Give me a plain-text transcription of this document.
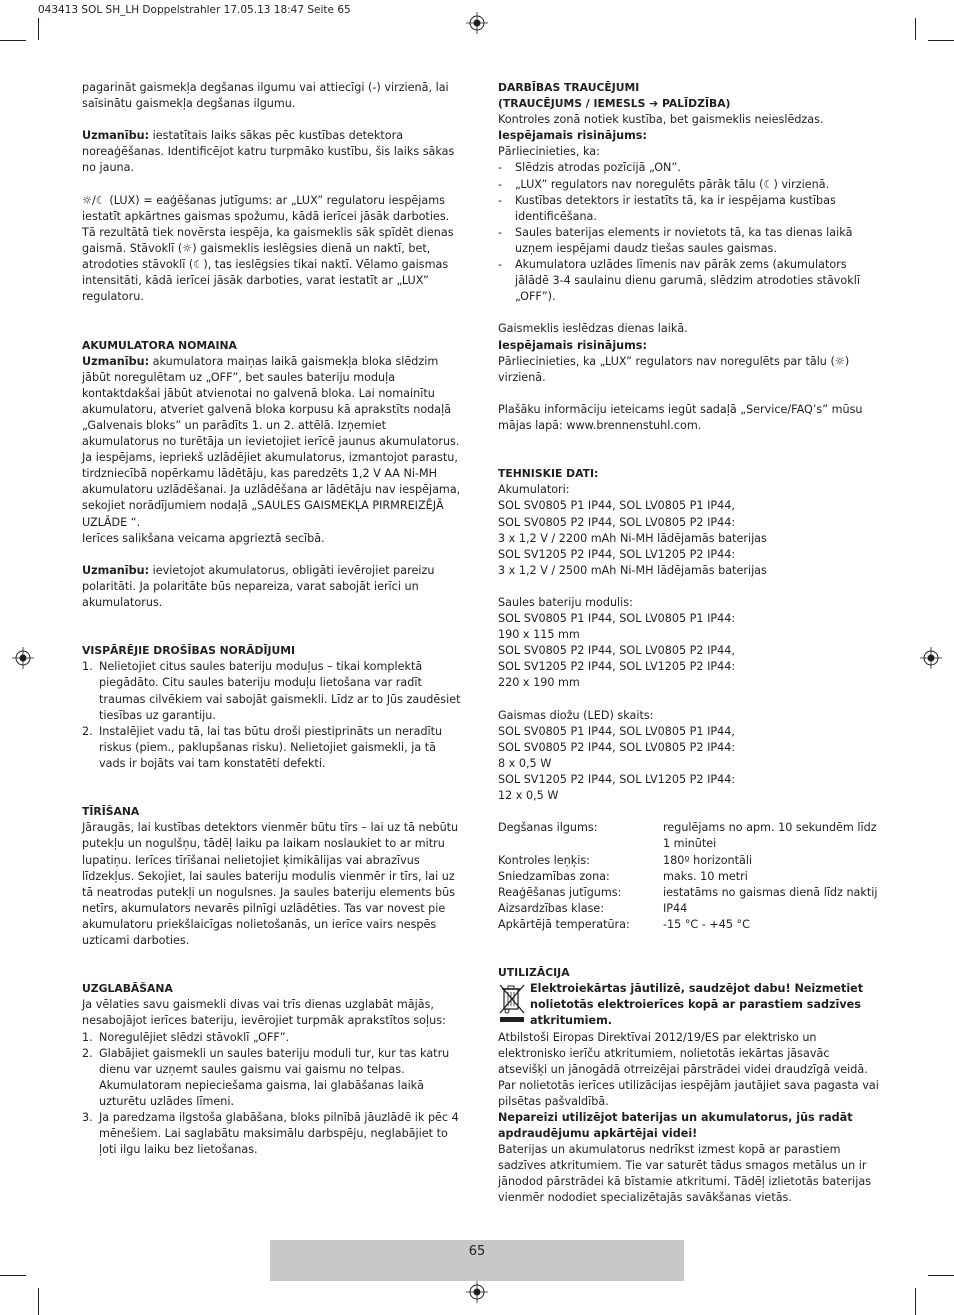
043413 SOL SH_LH Doppelstrahler 17.05.13 18:47 Seite 65

pagarināt gaismekļa degšanas ilgumu vai attiecīgi (-) virzienā, lai saīsinātu gaismekļa degšanas ilgumu.

Uzmanību: iestatītais laiks sākas pēc kustības detektora noreaģēšanas. Identificējot katru turpmāko kustību, šis laiks sākas no jauna.

☼/☾ (LUX) = eaģēšanas jutīgums: ar „LUX” regulatoru iespējams iestatīt apkārtnes gaismas spožumu, kādā ierīcei jāsāk darboties. Tā rezultātā tiek novērsta iespēja, ka gaismeklis sāk spīdēt dienas gaismā. Stāvoklī (☼) gaismeklis ieslēgsies dienā un naktī, bet, atrodoties stāvoklī (☾), tas ieslēgsies tikai naktī. Vēlamo gaismas intensitāti, kādā ierīcei jāsāk darboties, varat iestatīt ar „LUX” regulatoru.

AKUMULATORA NOMAINA

Uzmanību: akumulatora maiņas laikā gaismekļa bloka slēdzim jābūt noregulētam uz „OFF”, bet saules bateriju moduļa kontaktdakšai jābūt atvienotai no galvenā bloka. Lai nomainītu akumulatoru, atveriet galvenā bloka korpusu kā aprakstīts nodaļā „Galvenais bloks” un parādīts 1. un 2. attēlā. Izņemiet akumulatorus no turētāja un ievietojiet ierīcē jaunus akumulatorus. Ja iespējams, iepriekš uzlādējiet akumulatorus, izmantojot parastu, tirdzniecībā nopērkamu lādētāju, kas paredzēts 1,2 V AA Ni-MH akumulatoru uzlādēšanai. Ja uzlādēšana ar lādētāju nav iespējama, sekojiet norādījumiem nodaļā „SAULES GAISMEKĻA PIRMREIZĒJĀ UZLĀDE “.

Ierīces salikšana veicama apgrieztā secībā.

Uzmanību: ievietojot akumulatorus, obligāti ievērojiet pareizu polaritāti. Ja polaritāte būs nepareiza, varat sabojāt ierīci un akumulatorus.

VISPĀRĒJIE DROŠĪBAS NORĀDĪJUMI

1. Nelietojiet citus saules bateriju moduļus – tikai komplektā piegādāto. Citu saules bateriju moduļu lietošana var radīt traumas cilvēkiem vai sabojāt gaismekli. Līdz ar to Jūs zaudēsiet tiesības uz garantiju.
2. Instalējiet vadu tā, lai tas būtu droši piestiprināts un neradītu riskus (piem., paklupšanas risku). Nelietojiet gaismekli, ja tā vads ir bojāts vai tam konstatēti defekti.

TĪRĪŠANA

Jāraugās, lai kustības detektors vienmēr būtu tīrs – lai uz tā nebūtu putekļu un nogulšņu, tādēļ laiku pa laikam noslaukiet to ar mitru lupatiņu. Ierīces tīrīšanai nelietojiet ķimikālijas vai abrazīvus līdzekļus. Sekojiet, lai saules bateriju modulis vienmēr ir tīrs, lai uz tā neatrodas putekļi un nogulsnes. Ja saules bateriju elements būs netīrs, akumulators nevarēs pilnīgi uzlādēties. Tas var novest pie akumulatoru priekšlaicīgas nolietošanās, un ierīce vairs nespēs uzticami darboties.

UZGLABĀŠANA

Ja vēlaties savu gaismekli divas vai trīs dienas uzglabāt mājās, nesabojājot ierīces bateriju, ievērojiet turpmāk aprakstītos soļus:

1. Noregulējiet slēdzi stāvoklī „OFF”.
2. Glabājiet gaismekli un saules bateriju moduli tur, kur tas katru dienu var uzņemt saules gaismu vai gaismu no telpas. Akumulatoram nepieciešama gaisma, lai glabāšanas laikā uzturētu uzlādes līmeni.
3. Ja paredzama ilgstoša glabāšana, bloks pilnībā jāuzlādē ik pēc 4 mēnešiem. Lai saglabātu maksimālu darbspēju, neglabājiet to ļoti ilgu laiku bez lietošanas.

DARBĪBAS TRAUCĒJUMI

(TRAUCĒJUMS / IEMESLS ➔ PALĪDZĪBA)

Kontroles zonā notiek kustība, bet gaismeklis neieslēdzas.

Iespējamais risinājums:

Pārliecinieties, ka:

- Slēdzis atrodas pozīcijā „ON”.
- „LUX” regulators nav noregulēts pārāk tālu (☾) virzienā.
- Kustības detektors ir iestatīts tā, ka ir iespējama kustības identificēšana.
- Saules baterijas elements ir novietots tā, ka tas dienas laikā uzņem iespējami daudz tiešas saules gaismas.
- Akumulatora uzlādes līmenis nav pārāk zems (akumulators jālādē 3-4 saulainu dienu garumā, slēdzim atrodoties stāvoklī „OFF”).

Gaismeklis ieslēdzas dienas laikā.

Iespējamais risinājums:

Pārliecinieties, ka „LUX” regulators nav noregulēts par tālu (☼) virzienā.

Plašāku informāciju ieteicams iegūt sadaļā „Service/FAQ’s” mūsu mājas lapā: www.brennenstuhl.com.

TEHNISKIE DATI:

Akumulatori:

SOL SV0805 P1 IP44, SOL LV0805 P1 IP44,

SOL SV0805 P2 IP44, SOL LV0805 P2 IP44:

3 x 1,2 V / 2200 mAh Ni-MH lādējamās baterijas

SOL SV1205 P2 IP44, SOL LV1205 P2 IP44:

3 x 1,2 V / 2500 mAh Ni-MH lādējamās baterijas

Saules bateriju modulis:

SOL SV0805 P1 IP44, SOL LV0805 P1 IP44:

190 x 115 mm

SOL SV0805 P2 IP44, SOL LV0805 P2 IP44,

SOL SV1205 P2 IP44, SOL LV1205 P2 IP44:

220 x 190 mm

Gaismas diožu (LED) skaits:

SOL SV0805 P1 IP44, SOL LV0805 P1 IP44,

SOL SV0805 P2 IP44, SOL LV0805 P2 IP44:

8 x 0,5 W

SOL SV1205 P2 IP44, SOL LV1205 P2 IP44:

12 x 0,5 W

Degšanas ilgums:	regulējams no apm. 10 sekundēm līdz 1 minūtei
Kontroles leņķis:	180º horizontāli
Sniedzamības zona:	maks. 10 metri
Reaģēšanas jutīgums:	iestatāms no gaismas dienā līdz naktij
Aizsardzības klase:	IP44
Apkārtējā temperatūra:	-15 °C - +45 °C

UTILIZĀCIJA

Elektroiekārtas jāutilizē, saudzējot dabu! Neizmetiet nolietotās elektroierīces kopā ar parastiem sadzīves atkritumiem.

Atbilstoši Eiropas Direktīvai 2012/19/ES par elektrisko un elektronisko ierīču atkritumiem, nolietotās iekārtas jāsavāc atsevišķi un jānogādā otrreizējai pārstrādei videi draudzīgā veidā.

Par nolietotās ierīces utilizācijas iespējām jautājiet sava pagasta vai pilsētas pašvaldībā.

Nepareizi utilizējot baterijas un akumulatorus, jūs radāt apdraudējumu apkārtējai videi!

Baterijas un akumulatorus nedrīkst izmest kopā ar parastiem sadzīves atkritumiem. Tie var saturēt tādus smagos metālus un ir jānodod pārstrādei kā bīstamie atkritumi. Tādēļ izlietotās baterijas vienmēr nododiet specializētajās savākšanas vietās.

65
